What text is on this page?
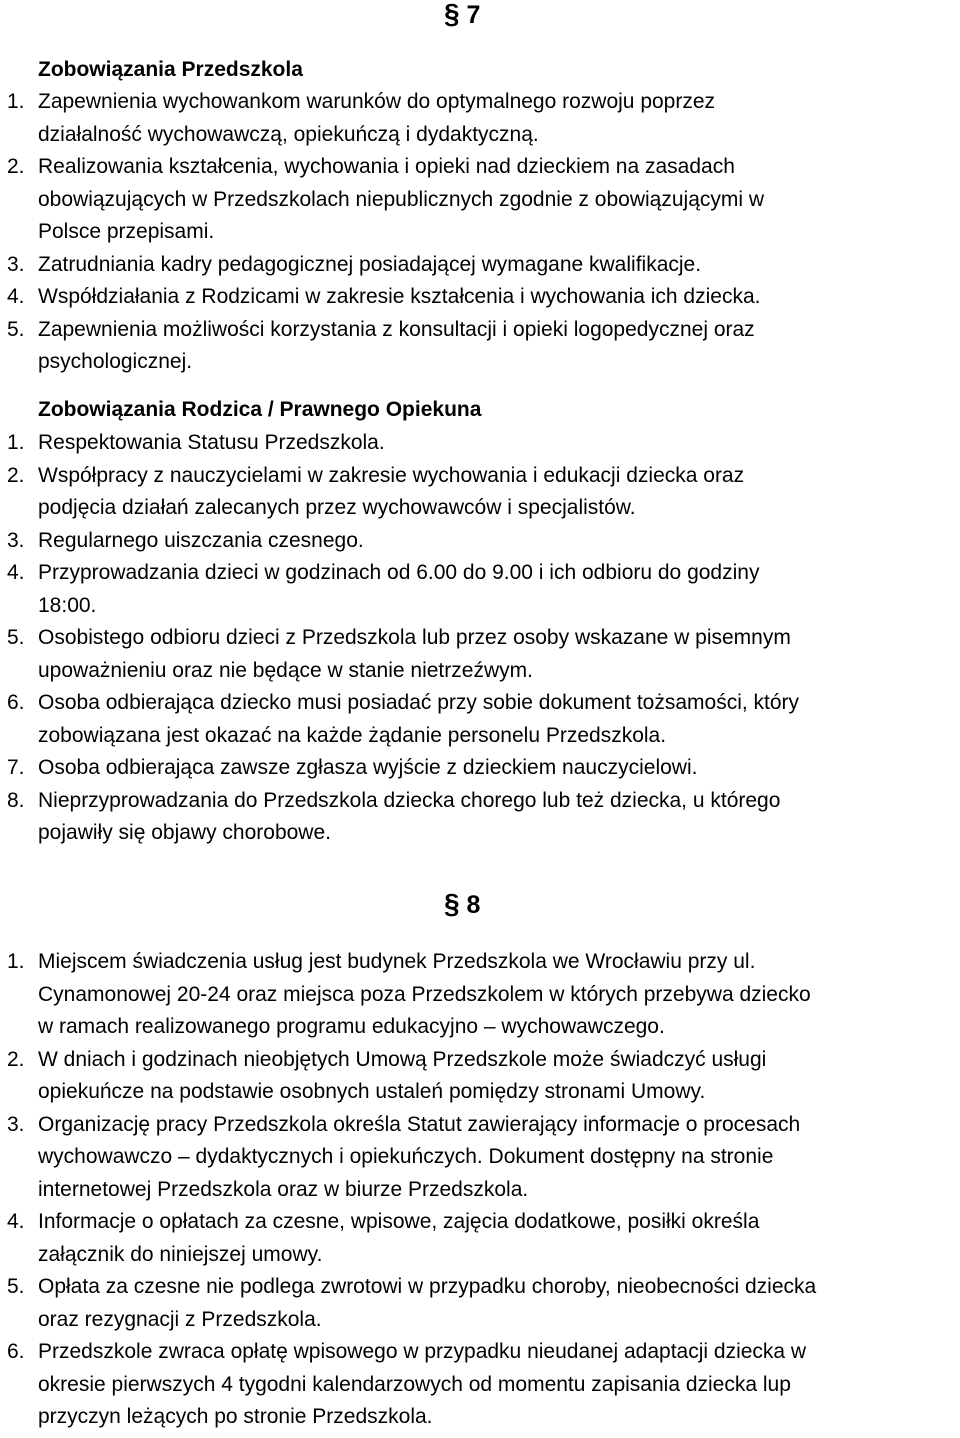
§ 7
Zobowiązania Przedszkola
1. Zapewnienia wychowankom warunków do optymalnego rozwoju poprzez
działalność wychowawczą, opiekuńczą i dydaktyczną.
2. Realizowania kształcenia, wychowania i opieki nad dzieckiem na zasadach
obowiązujących w Przedszkolach niepublicznych zgodnie z obowiązującymi w
Polsce przepisami.
3. Zatrudniania kadry pedagogicznej posiadającej wymagane kwalifikacje.
4. Współdziałania z Rodzicami w zakresie kształcenia i wychowania ich dziecka.
5. Zapewnienia możliwości korzystania z konsultacji i opieki logopedycznej oraz
psychologicznej.
Zobowiązania Rodzica / Prawnego Opiekuna
1. Respektowania Statusu Przedszkola.
2. Współpracy z nauczycielami w zakresie wychowania i edukacji dziecka oraz
podjęcia działań zalecanych przez wychowawców i specjalistów.
3. Regularnego uiszczania czesnego.
4. Przyprowadzania dzieci w godzinach od 6.00 do 9.00 i ich odbioru do godziny
18:00.
5. Osobistego odbioru dzieci z Przedszkola lub przez osoby wskazane w pisemnym
upoważnieniu oraz nie będące w stanie nietrzeźwym.
6. Osoba odbierająca dziecko musi posiadać przy sobie dokument tożsamości, który
zobowiązana jest okazać na każde żądanie personelu Przedszkola.
7. Osoba odbierająca zawsze zgłasza wyjście z dzieckiem nauczycielowi.
8. Nieprzyprowadzania do Przedszkola dziecka chorego lub też dziecka, u którego
pojawiły się objawy chorobowe.
§ 8
1. Miejscem świadczenia usług jest budynek Przedszkola we Wrocławiu przy ul.
Cynamonowej 20-24 oraz miejsca poza Przedszkolem w których przebywa dziecko
w ramach realizowanego programu edukacyjno – wychowawczego.
2. W dniach i godzinach nieobjętych Umową Przedszkole może świadczyć usługi
opiekuńcze na podstawie osobnych ustaleń pomiędzy stronami Umowy.
3. Organizację pracy Przedszkola określa Statut zawierający informacje o procesach
wychowawczo – dydaktycznych i opiekuńczych. Dokument dostępny na stronie
internetowej Przedszkola oraz w biurze Przedszkola.
4. Informacje o opłatach za czesne, wpisowe, zajęcia dodatkowe, posiłki określa
załącznik do niniejszej umowy.
5. Opłata za czesne nie podlega zwrotowi w przypadku choroby, nieobecności dziecka
oraz rezygnacji z Przedszkola.
6. Przedszkole zwraca opłatę wpisowego w przypadku nieudanej adaptacji dziecka w
okresie pierwszych 4 tygodni kalendarzowych od momentu zapisania dziecka lup
przyczyn leżących po stronie Przedszkola.
